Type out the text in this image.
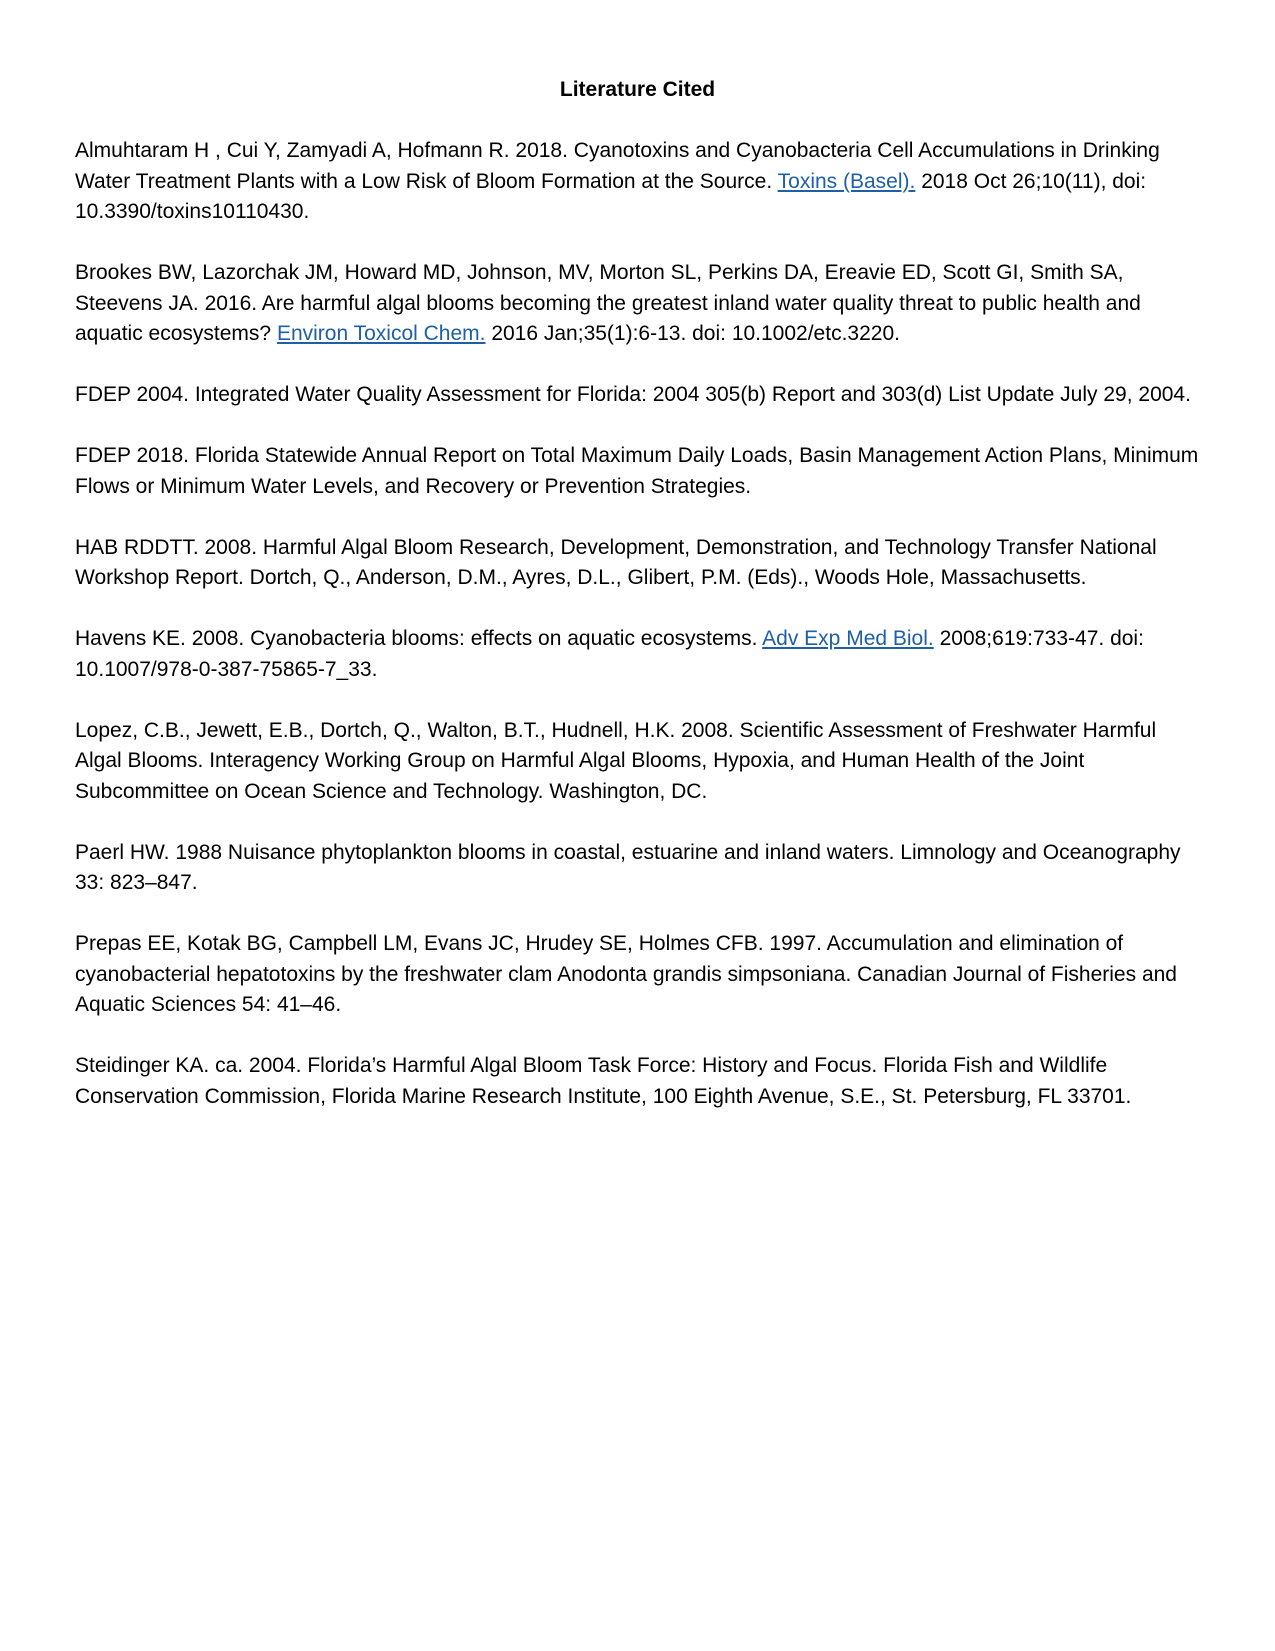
Literature Cited

Almuhtaram H , Cui Y, Zamyadi A, Hofmann R. 2018. Cyanotoxins and Cyanobacteria Cell Accumulations in Drinking Water Treatment Plants with a Low Risk of Bloom Formation at the Source. Toxins (Basel). 2018 Oct 26;10(11), doi: 10.3390/toxins10110430.

Brookes BW, Lazorchak JM, Howard MD, Johnson, MV, Morton SL, Perkins DA, Ereavie ED, Scott GI, Smith SA, Steevens JA. 2016. Are harmful algal blooms becoming the greatest inland water quality threat to public health and aquatic ecosystems? Environ Toxicol Chem. 2016 Jan;35(1):6-13. doi: 10.1002/etc.3220.

FDEP 2004. Integrated Water Quality Assessment for Florida: 2004 305(b) Report and 303(d) List Update July 29, 2004.

FDEP 2018. Florida Statewide Annual Report on Total Maximum Daily Loads, Basin Management Action Plans, Minimum Flows or Minimum Water Levels, and Recovery or Prevention Strategies.

HAB RDDTT. 2008. Harmful Algal Bloom Research, Development, Demonstration, and Technology Transfer National Workshop Report. Dortch, Q., Anderson, D.M., Ayres, D.L., Glibert, P.M. (Eds)., Woods Hole, Massachusetts.

Havens KE. 2008. Cyanobacteria blooms: effects on aquatic ecosystems. Adv Exp Med Biol. 2008;619:733-47. doi: 10.1007/978-0-387-75865-7_33.

Lopez, C.B., Jewett, E.B., Dortch, Q., Walton, B.T., Hudnell, H.K. 2008. Scientific Assessment of Freshwater Harmful Algal Blooms. Interagency Working Group on Harmful Algal Blooms, Hypoxia, and Human Health of the Joint Subcommittee on Ocean Science and Technology. Washington, DC.

Paerl HW. 1988 Nuisance phytoplankton blooms in coastal, estuarine and inland waters. Limnology and Oceanography 33: 823–847.

Prepas EE, Kotak BG, Campbell LM, Evans JC, Hrudey SE, Holmes CFB. 1997. Accumulation and elimination of cyanobacterial hepatotoxins by the freshwater clam Anodonta grandis simpsoniana. Canadian Journal of Fisheries and Aquatic Sciences 54: 41–46.

Steidinger KA. ca. 2004. Florida’s Harmful Algal Bloom Task Force: History and Focus. Florida Fish and Wildlife Conservation Commission, Florida Marine Research Institute, 100 Eighth Avenue, S.E., St. Petersburg, FL 33701.
